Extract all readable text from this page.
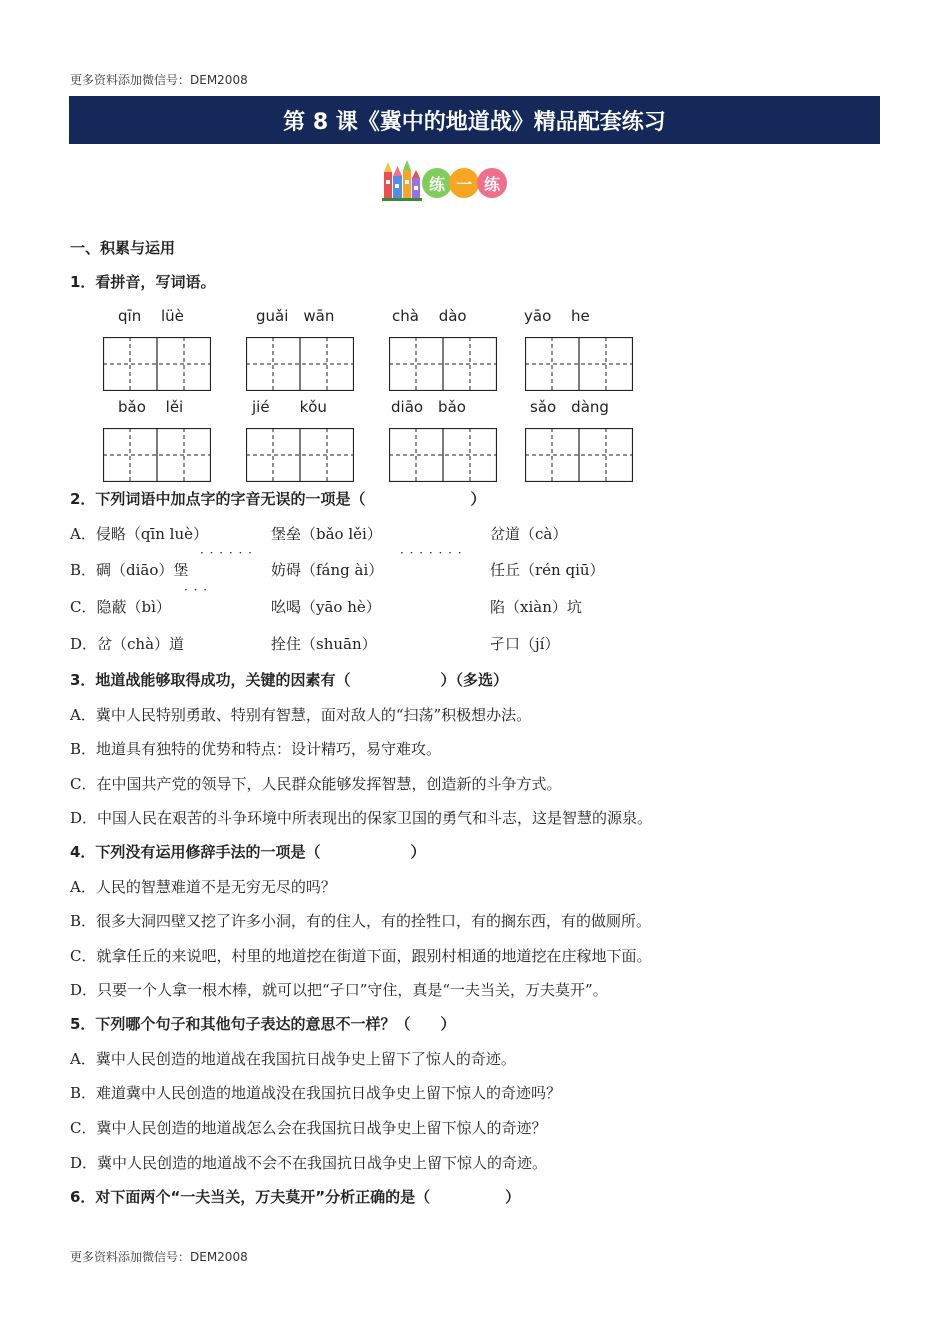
更多资料添加微信号：DEM2008
第 8 课《冀中的地道战》精品配套练习
练 一 练
一、积累与运用
1．看拼音，写词语。
qīn　 lüè	guǎi　wān	chà　 dào	yāo　 he
bǎo　 lěi	jié　　kǒu	diāo　bǎo	sǎo　dàng
2．下列词语中加点字的字音无误的一项是（　　　　　　　）
A．侵略（qīn luè）	堡垒（bǎo lěi）	岔道（cà）
· · · · · ·	· · · · · · ·
B．碉（diāo）堡	妨碍（fáng ài）	任丘（rén qiū）
· · ·
C．隐蔽（bì）	吆喝（yāo hè）	陷（xiàn）坑
D．岔（chà）道	拴住（shuān）	孑口（jí）
3．地道战能够取得成功，关键的因素有（　　　　　　）（多选）
A．冀中人民特别勇敢、特别有智慧，面对敌人的“扫荡”积极想办法。
B．地道具有独特的优势和特点：设计精巧，易守难攻。
C．在中国共产党的领导下，人民群众能够发挥智慧，创造新的斗争方式。
D．中国人民在艰苦的斗争环境中所表现出的保家卫国的勇气和斗志，这是智慧的源泉。
4．下列没有运用修辞手法的一项是（　　　　　　）
A．人民的智慧难道不是无穷无尽的吗？
B．很多大洞四壁又挖了许多小洞，有的住人，有的拴牲口，有的搁东西，有的做厕所。
C．就拿任丘的来说吧，村里的地道挖在街道下面，跟别村相通的地道挖在庄稼地下面。
D．只要一个人拿一根木棒，就可以把“孑口”守住，真是“一夫当关，万夫莫开”。
5．下列哪个句子和其他句子表达的意思不一样？（　　）
A．冀中人民创造的地道战在我国抗日战争史上留下了惊人的奇迹。
B．难道冀中人民创造的地道战没在我国抗日战争史上留下惊人的奇迹吗？
C．冀中人民创造的地道战怎么会在我国抗日战争史上留下惊人的奇迹？
D．冀中人民创造的地道战不会不在我国抗日战争史上留下惊人的奇迹。
6．对下面两个“一夫当关，万夫莫开”分析正确的是（　　　　　）
更多资料添加微信号：DEM2008
